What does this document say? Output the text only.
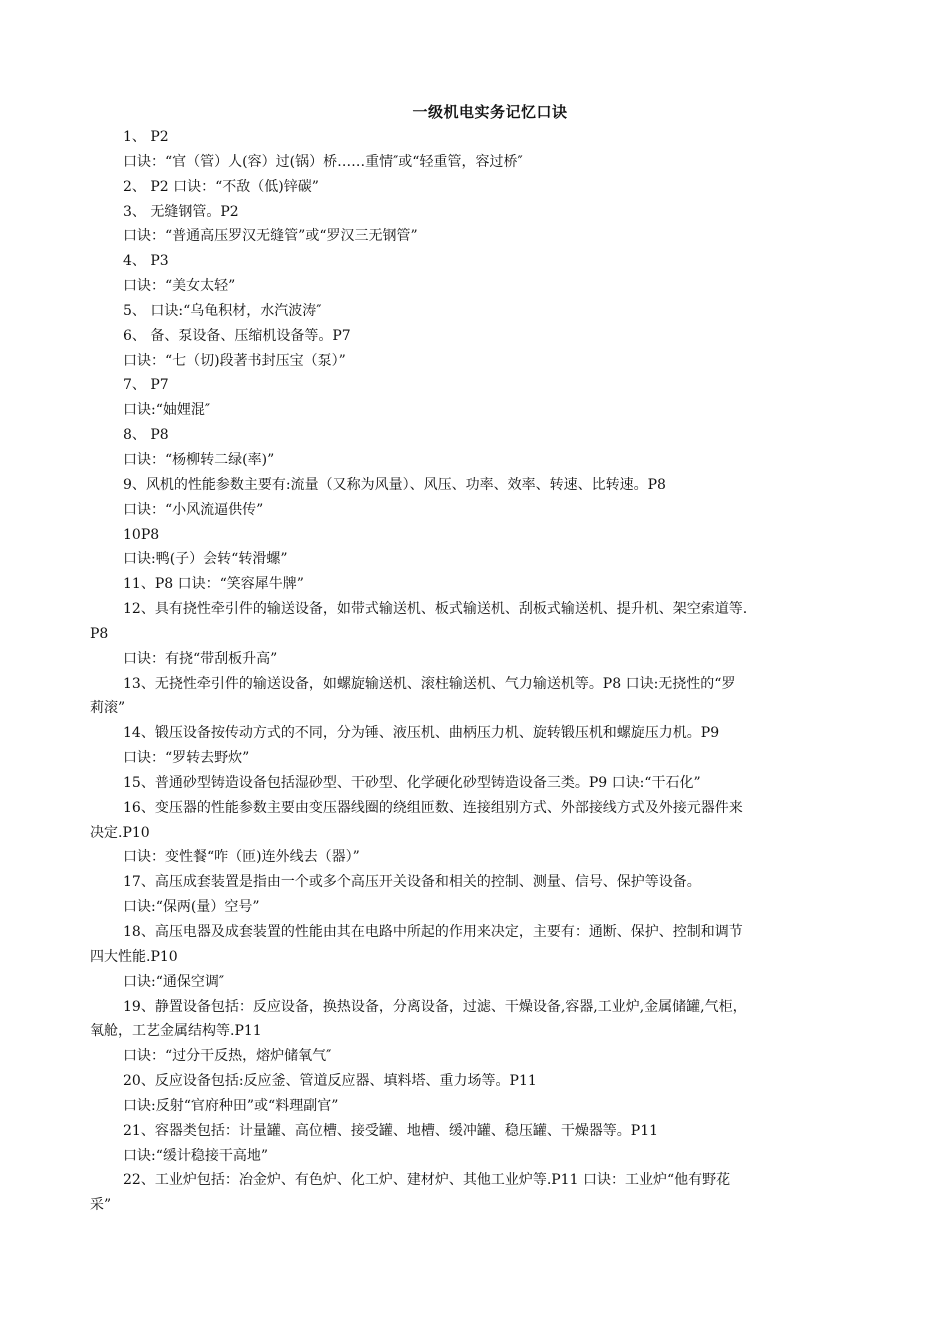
一级机电实务记忆口诀
1、 P2
口诀：“官（管）人(容）过(锅）桥……重情″或“轻重管，容过桥″
2、 P2 口诀：“不敌（低)锌碳”
3、 无缝钢管。P2
口诀：“普通高压罗汉无缝管”或“罗汉三无钢管”
4、 P3
口诀：“美女太轻”
5、 口诀:“乌龟积材，水汽波涛″
6、 备、泵设备、压缩机设备等。P7
口诀：“七（切)段著书封压宝（泵）”
7、 P7
口诀:“妯娌混″
8、 P8
口诀：“杨柳转二绿(率)”
9、风机的性能参数主要有:流量（又称为风量）、风压、功率、效率、转速、比转速。P8
口诀：“小风流逼供传”
10P8
口诀:鸭(子）会转“转滑螺”
11、P8 口诀：“笑容犀牛牌”
12、具有挠性牵引件的输送设备，如带式输送机、板式输送机、刮板式输送机、提升机、架空索道等.
P8
口诀：有挠“带刮板升高”
13、无挠性牵引件的输送设备，如螺旋输送机、滚柱输送机、气力输送机等。P8 口诀:无挠性的“罗
莉滚”
14、锻压设备按传动方式的不同，分为锤、液压机、曲柄压力机、旋转锻压机和螺旋压力机。P9
口诀：“罗转去野炊”
15、普通砂型铸造设备包括湿砂型、干砂型、化学硬化砂型铸造设备三类。P9 口诀:“干石化”
16、变压器的性能参数主要由变压器线圈的绕组匝数、连接组别方式、外部接线方式及外接元器件来
决定.P10
口诀：变性餐“咋（匝)连外线去（器）”
17、高压成套装置是指由一个或多个高压开关设备和相关的控制、测量、信号、保护等设备。
口诀:“保两(量）空号”
18、高压电器及成套装置的性能由其在电路中所起的作用来决定，主要有：通断、保护、控制和调节
四大性能.P10
口诀:“通保空调″
19、静置设备包括：反应设备，换热设备，分离设备，过滤、干燥设备,容器,工业炉,金属储罐,气柜，
氧舱，工艺金属结构等.P11
口诀：“过分干反热，熔炉储氧气″
20、反应设备包括:反应釜、管道反应器、填料塔、重力场等。P11
口诀:反射“官府种田”或“料理副官”
21、容器类包括：计量罐、高位槽、接受罐、地槽、缓冲罐、稳压罐、干燥器等。P11
口诀:“缓计稳接干高地”
22、工业炉包括：冶金炉、有色炉、化工炉、建材炉、其他工业炉等.P11 口诀：工业炉“他有野花
采”
